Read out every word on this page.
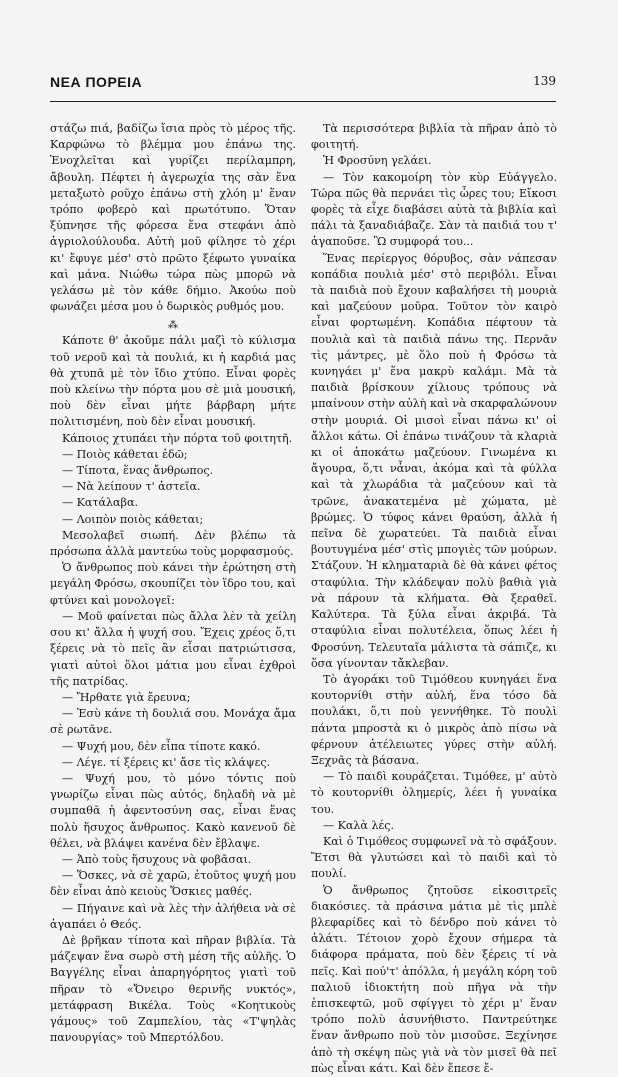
ΝΕΑ ΠΟΡΕΙΑ	139

στάζω πιά, βαδίζω ἴσια πρὸς τὸ μέρος τῆς. Καρφώνω τὸ βλέμμα μου ἐπάνω της. Ἐνοχλεῖται καὶ γυρίζει περίλαμπρη, ἄβουλη. Πέφτει ἡ ἀγερωχία της σὰν ἕνα μεταξωτὸ ροῦχο ἐπάνω στὴ χλόη μ' ἕναν τρόπο φοβερὸ καὶ πρωτότυπο. Ὅταν ξύπνησε τῆς φόρεσα ἕνα στεφάνι ἀπὸ ἀγριολούλουδα. Αὐτὴ μοῦ φίλησε τὸ χέρι κι' ἔφυγε μέσ' στὸ πρῶτο ξέφωτο γυναίκα καὶ μάνα. Νιώθω τώρα πὼς μπορῶ νὰ γελάσω μὲ τὸν κάθε δήμιο. Ἀκούω ποὺ φωνάζει μέσα μου ὁ δωρικὸς ρυθμός μου.

⁂

Κάποτε θ' ἀκοῦμε πάλι μαζὶ τὸ κύλισμα τοῦ νεροῦ καὶ τὰ πουλιά, κι ἡ καρδιά μας θὰ χτυπᾶ μὲ τὸν ἴδιο χτύπο. Εἶναι φορὲς ποὺ κλείνω τὴν πόρτα μου σὲ μιὰ μουσική, ποὺ δὲν εἶναι μήτε βάρβαρη μήτε πολιτισμένη, ποὺ δὲν εἶναι μουσική.

Κάποιος χτυπάει τὴν πόρτα τοῦ φοιτητῆ.

— Ποιὸς κάθεται ἐδῶ;

— Τίποτα, ἕνας ἄνθρωπος.

— Νὰ λείπουν τ' ἀστεῖα.

— Κατάλαβα.

— Λοιπὸν ποιὸς κάθεται;

Μεσολαβεῖ σιωπή. Δὲν βλέπω τὰ πρόσωπα ἀλλὰ μαντεύω τοὺς μορφασμούς.

Ὁ ἄνθρωπος ποὺ κάνει τὴν ἐρώτηση στὴ μεγάλη Φρόσω, σκουπίζει τὸν ἵδρο του, καὶ φτύνει καὶ μονολογεῖ:

— Μοῦ φαίνεται πὼς ἄλλα λὲν τὰ χείλη σου κι' ἄλλα ἡ ψυχή σου. Ἔχεις χρέος ὅ,τι ξέρεις νὰ τὸ πεῖς ἂν εἶσαι πατριώτισσα, γιατὶ αὐτοὶ ὅλοι μάτια μου εἶναι ἐχθροὶ τῆς πατρίδας.

— Ἤρθατε γιὰ ἔρευνα;

— Ἐσὺ κάνε τὴ δουλιά σου. Μονάχα ἄμα σὲ ρωτᾶνε.

— Ψυχή μου, δὲν εἶπα τίποτε κακό.

— Λέγε. τί ξέρεις κι' ἄσε τὶς κλάψες.

— Ψυχή μου, τὸ μόνο τόντις ποὺ γνωρίζω εἶναι πὼς αὐτός, δηλαδὴ νὰ μὲ συμπαθᾶ ἡ ἀφεντοσύνη σας, εἶναι ἕνας πολὺ ἥσυχος ἄνθρωπος. Κακὸ κανενοῦ δὲ θέλει, νὰ βλάψει κανένα δὲν ἔβλαψε.

— Ἀπὸ τοὺς ἥσυχους νὰ φοβᾶσαι.

— Ὅσκες, νὰ σὲ χαρῶ, ἐτοῦτος ψυχή μου δὲν εἶναι ἀπὸ κειοὺς Ὅσκιες μαθές.

— Πήγαινε καὶ νὰ λὲς τὴν ἀλήθεια νὰ σὲ ἀγαπάει ὁ Θεός.

Δὲ βρῆκαν τίποτα καὶ πῆραν βιβλία. Τὰ μάζεψαν ἕνα σωρὸ στὴ μέση τῆς αὐλῆς. Ὁ Βαγγέλης εἶναι ἀπαρηγόρητος γιατὶ τοῦ πῆραν τὸ «Ὄνειρο θερινῆς νυκτός», μετάφραση Βικέλα. Τοὺς «Κοητικοὺς γάμους» τοῦ Ζαμπελίου, τὰς «Τ'ψηλὰς πανουργίας» τοῦ Μπερτόλδου.

Τὰ περισσότερα βιβλία τὰ πῆραν ἀπὸ τὸ φοιτητή.

Ἡ Φροσύνη γελάει.

— Τὸν κακομοίρη τὸν κὺρ Εὐάγγελο. Τώρα πῶς θὰ περνάει τὶς ὧρες του; Εἴκοσι φορὲς τὰ εἶχε διαβάσει αὐτὰ τὰ βιβλία καὶ πάλι τὰ ξαναδιάβαζε. Σὰν τὰ παιδιά του τ' ἀγαποῦσε. Ὢ συμφορά του...

Ἕνας περίεργος θόρυβος, σὰν νάπεσαν κοπάδια πουλιὰ μέσ' στὸ περιβόλι. Εἶναι τὰ παιδιὰ ποὺ ἔχουν καβαλήσει τὴ μουριὰ καὶ μαζεύουν μοῦρα. Τοῦτον τὸν καιρὸ εἶναι φορτωμένη. Κοπάδια πέφτουν τὰ πουλιὰ καὶ τὰ παιδιὰ πάνω της. Περνᾶν τὶς μάντρες, μὲ ὅλο ποὺ ἡ Φρόσω τὰ κυνηγάει μ' ἕνα μακρὺ καλάμι. Μὰ τὰ παιδιὰ βρίσκουν χίλιους τρόπους νὰ μπαίνουν στὴν αὐλὴ καὶ νὰ σκαρφαλώνουν στὴν μουριά. Οἱ μισοὶ εἶναι πάνω κι' οἱ ἄλλοι κάτω. Οἱ ἐπάνω τινάζουν τὰ κλαριὰ κι οἱ ἀποκάτω μαζεύουν. Γινωμένα κι ἄγουρα, ὅ,τι νἆναι, ἀκόμα καὶ τὰ φύλλα καὶ τὰ χλωράδια τὰ μαζεύουν καὶ τὰ τρῶνε, ἀνακατεμένα μὲ χώματα, μὲ βρώμες. Ὁ τύφος κάνει θραύση, ἀλλὰ ἡ πεῖνα δὲ χωρατεύει. Τὰ παιδιὰ εἶναι βουτυγμένα μέσ' στὶς μπογιὲς τῶν μούρων. Στάζουν. Ἡ κληματαριὰ δὲ θὰ κάνει φέτος σταφύλια. Τὴν κλάδεψαν πολὺ βαθιὰ γιὰ νὰ πάρουν τὰ κλήματα. Θὰ ξεραθεῖ. Καλύτερα. Τὰ ξύλα εἶναι ἀκριβά. Τὰ σταφύλια εἶναι πολυτέλεια, ὅπως λέει ἡ Φροσύνη. Τελευταῖα μάλιστα τὰ σάπιζε, κι ὅσα γίνονταν τἄκλεβαν.

Τὸ ἀγοράκι τοῦ Τιμόθεου κυνηγάει ἕνα κουτορνίθι στὴν αὐλή, ἕνα τόσο δὰ πουλάκι, ὅ,τι ποὺ γεννήθηκε. Τὸ πουλὶ πάντα μπροστὰ κι ὁ μικρὸς ἀπὸ πίσω νὰ φέρνουν ἀτέλειωτες γύρες στὴν αὐλή. Ξεχνᾶς τὰ βάσανα.

— Τὸ παιδὶ κουράζεται. Τιμόθεε, μ' αὐτὸ τὸ κουτορνίθι ὀλημερίς, λέει ἡ γυναίκα του.

— Καλὰ λές.

Καὶ ὁ Τιμόθεος συμφωνεῖ νὰ τὸ σφάξουν. Ἔτσι θὰ γλυτώσει καὶ τὸ παιδὶ καὶ τὸ πουλί.

Ὁ ἄνθρωπος ζητοῦσε εἰκοσιτρεῖς διακόσιες. τὰ πράσινα μάτια μὲ τὶς μπλὲ βλεφαρίδες καὶ τὸ δένδρο ποὺ κάνει τὸ ἀλάτι. Τέτοιον χορὸ ἔχουν σήμερα τὰ διάφορα πράματα, ποὺ δὲν ξέρεις τί νὰ πεῖς. Καὶ πού'τ' ἀπόλλα, ἡ μεγάλη κόρη τοῦ παλιοῦ ἰδιοκτήτη ποὺ πῆγα νὰ τὴν ἐπισκεφτῶ, μοῦ σφίγγει τὸ χέρι μ' ἕναν τρόπο πολὺ ἀσυνήθιστο. Παντρεύτηκε ἕναν ἄνθρωπο ποὺ τὸν μισοῦσε. Ξεχίνησε ἀπὸ τὴ σκέψη πὼς γιὰ νὰ τὸν μισεῖ θὰ πεῖ πὼς εἶναι κάτι. Καὶ δὲν ἔπεσε ἔ-
